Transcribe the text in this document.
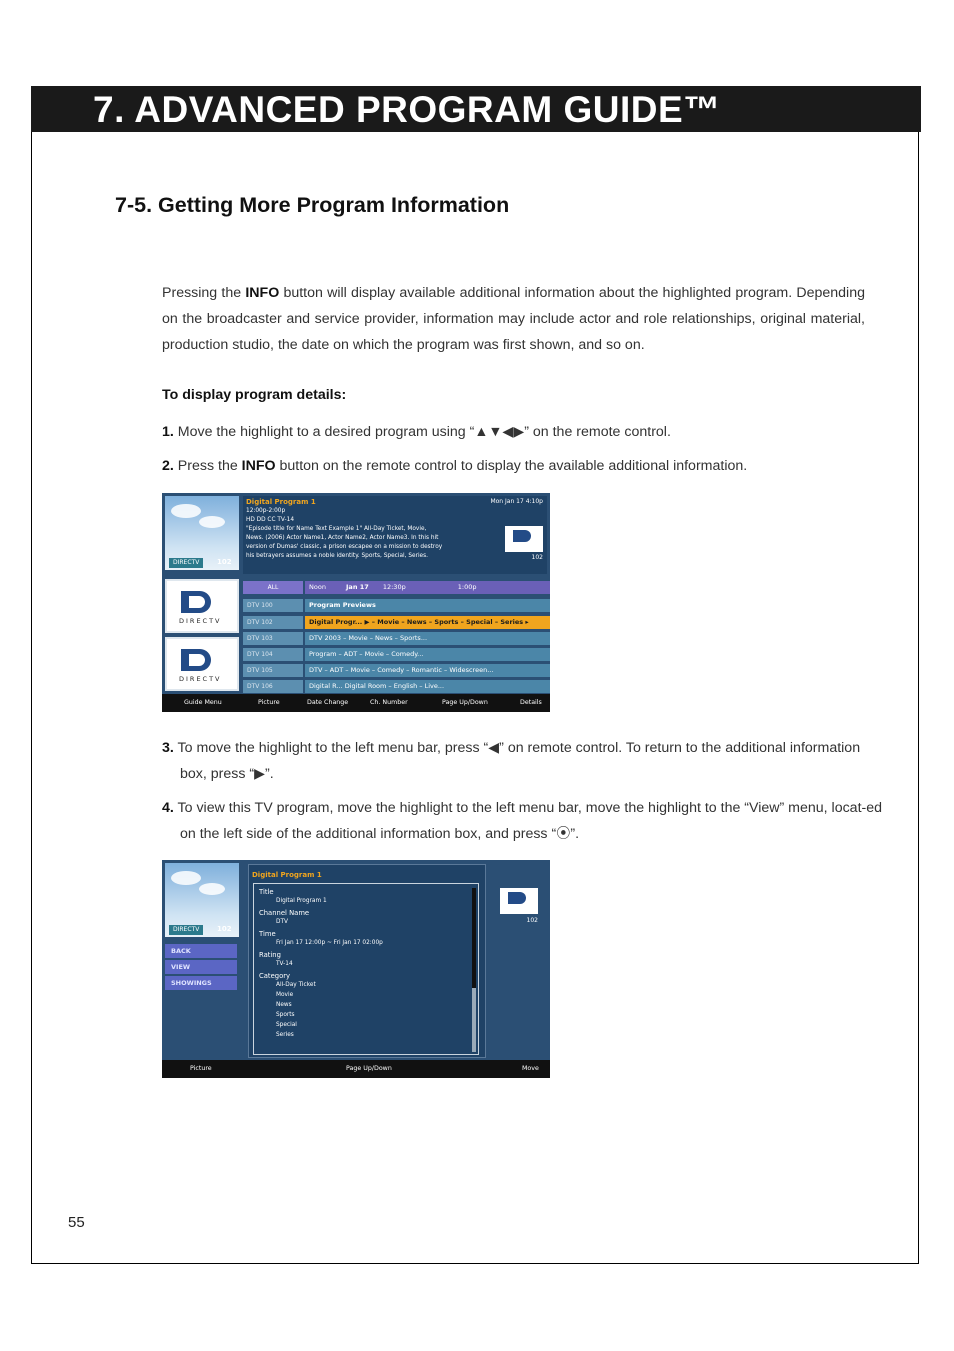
7. ADVANCED PROGRAM GUIDE™
7-5. Getting More Program Information
Pressing the INFO button will display available additional information about the highlighted program. Depending on the broadcaster and service provider, information may include actor and role relationships, original material, production studio, the date on which the program was first shown, and so on.
To display program details:
1. Move the highlight to a desired program using “▲▼◀▶” on the remote control.
2. Press the INFO button on the remote control to display the available additional information.
DIRECTV	102
DIRECTV
DIRECTV
Digital Program 1	Mon Jan 17 4:10p
12:00p-2:00p
HD DD CC TV-14
"Episode title for Name Text Example 1" All-Day Ticket, Movie,
News. (2006) Actor Name1, Actor Name2, Actor Name3. In this hit
version of Dumas' classic, a prison escapee on a mission to destroy
his betrayers assumes a noble identity. Sports, Special, Series.	102
ALL	Noon	Jan 17 12:30p	1:00p
DTV 100	Program Previews
DTV 102	Digital Progr... ▶ – Movie – News – Sports – Special – Series ▸
DTV 103	DTV 2003 – Movie – News – Sports...
DTV 104	Program – ADT – Movie – Comedy...
DTV 105	DTV – ADT – Movie – Comedy – Romantic – Widescreen...
DTV 106	Digital R... Digital Room – English – Live...
Guide Menu	Picture	Date Change	Ch. Number	Page Up/Down	Details
3. To move the highlight to the left menu bar, press “◀” on remote control. To return to the additional information box, press “▶”.
4. To view this TV program, move the highlight to the left menu bar, move the highlight to the “View” menu, locat-ed on the left side of the additional information box, and press “⦿”.
DIRECTV	102
BACK
VIEW
SHOWINGS
Digital Program 1
Title
Digital Program 1
Channel Name
DTV
Time
Fri Jan 17 12:00p ~ Fri Jan 17 02:00p
Rating
TV-14
Category
All-Day Ticket
Movie
News
Sports
Special
Series
102
Picture	Page Up/Down	Move
55
